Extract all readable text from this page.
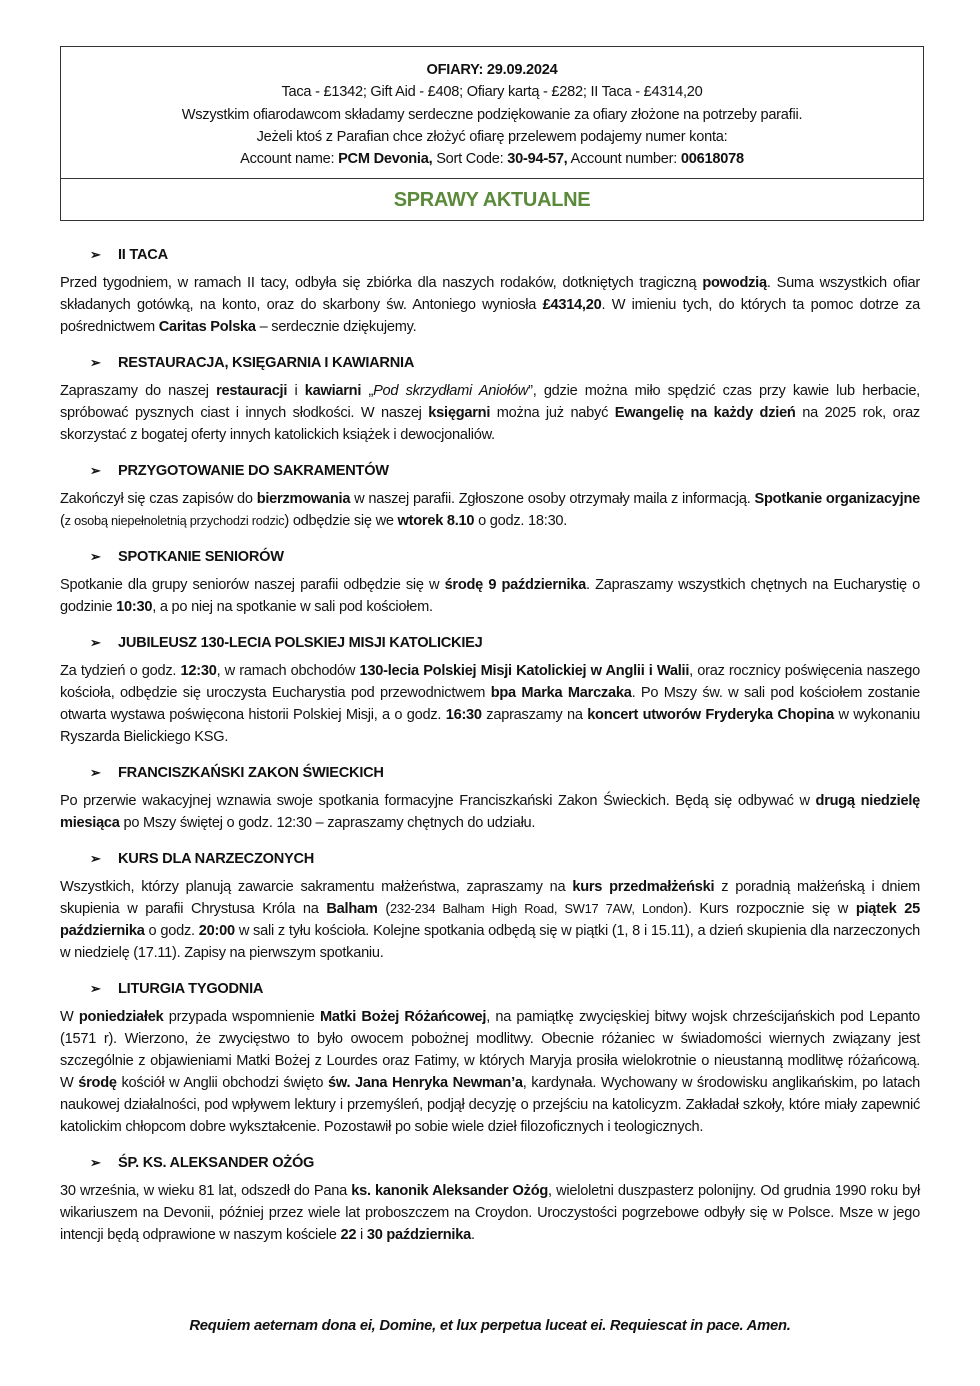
OFIARY: 29.09.2024
Taca - £1342; Gift Aid - £408; Ofiary kartą - £282; II Taca - £4314,20
Wszystkim ofiarodawcom składamy serdeczne podziękowanie za ofiary złożone na potrzeby parafii.
Jeżeli ktoś z Parafian chce złożyć ofiarę przelewem podajemy numer konta:
Account name: PCM Devonia, Sort Code: 30-94-57, Account number: 00618078
SPRAWY AKTUALNE
➢	II TACA
Przed tygodniem, w ramach II tacy, odbyła się zbiórka dla naszych rodaków, dotkniętych tragiczną powodzią. Suma wszystkich ofiar składanych gotówką, na konto, oraz do skarbony św. Antoniego wyniosła £4314,20. W imieniu tych, do których ta pomoc dotrze za pośrednictwem Caritas Polska – serdecznie dziękujemy.
➢	RESTAURACJA, KSIĘGARNIA I KAWIARNIA
Zapraszamy do naszej restauracji i kawiarni „Pod skrzydłami Aniołów”, gdzie można miło spędzić czas przy kawie lub herbacie, spróbować pysznych ciast i innych słodkości. W naszej księgarni można już nabyć Ewangelię na każdy dzień na 2025 rok, oraz skorzystać z bogatej oferty innych katolickich książek i dewocjonaliów.
➢	PRZYGOTOWANIE DO SAKRAMENTÓW
Zakończył się czas zapisów do bierzmowania w naszej parafii. Zgłoszone osoby otrzymały maila z informacją. Spotkanie organizacyjne (z osobą niepełnoletnią przychodzi rodzic) odbędzie się we wtorek 8.10 o godz. 18:30.
➢	SPOTKANIE SENIORÓW
Spotkanie dla grupy seniorów naszej parafii odbędzie się w środę 9 października. Zapraszamy wszystkich chętnych na Eucharystię o godzinie 10:30, a po niej na spotkanie w sali pod kościołem.
➢	JUBILEUSZ 130-LECIA POLSKIEJ MISJI KATOLICKIEJ
Za tydzień o godz. 12:30, w ramach obchodów 130-lecia Polskiej Misji Katolickiej w Anglii i Walii, oraz rocznicy poświęcenia naszego kościoła, odbędzie się uroczysta Eucharystia pod przewodnictwem bpa Marka Marczaka. Po Mszy św. w sali pod kościołem zostanie otwarta wystawa poświęcona historii Polskiej Misji, a o godz. 16:30 zapraszamy na koncert utworów Fryderyka Chopina w wykonaniu Ryszarda Bielickiego KSG.
➢	FRANCISZKAŃSKI ZAKON ŚWIECKICH
Po przerwie wakacyjnej wznawia swoje spotkania formacyjne Franciszkański Zakon Świeckich. Będą się odbywać w drugą niedzielę miesiąca po Mszy świętej o godz. 12:30 – zapraszamy chętnych do udziału.
➢	KURS DLA NARZECZONYCH
Wszystkich, którzy planują zawarcie sakramentu małżeństwa, zapraszamy na kurs przedmałżeński z poradnią małżeńską i dniem skupienia w parafii Chrystusa Króla na Balham (232-234 Balham High Road, SW17 7AW, London). Kurs rozpocznie się w piątek 25 października o godz. 20:00 w sali z tyłu kościoła. Kolejne spotkania odbędą się w piątki (1, 8 i 15.11), a dzień skupienia dla narzeczonych w niedzielę (17.11). Zapisy na pierwszym spotkaniu.
➢	LITURGIA TYGODNIA
W poniedziałek przypada wspomnienie Matki Bożej Różańcowej, na pamiątkę zwycięskiej bitwy wojsk chrześcijańskich pod Lepanto (1571 r). Wierzono, że zwycięstwo to było owocem pobożnej modlitwy. Obecnie różaniec w świadomości wiernych związany jest szczególnie z objawieniami Matki Bożej z Lourdes oraz Fatimy, w których Maryja prosiła wielokrotnie o nieustanną modlitwę różańcową. W środę kościół w Anglii obchodzi święto św. Jana Henryka Newman’a, kardynała. Wychowany w środowisku anglikańskim, po latach naukowej działalności, pod wpływem lektury i przemyśleń, podjął decyzję o przejściu na katolicyzm. Zakładał szkoły, które miały zapewnić katolickim chłopcom dobre wykształcenie. Pozostawił po sobie wiele dzieł filozoficznych i teologicznych.
➢	ŚP. KS. ALEKSANDER OŻÓG
30 września, w wieku 81 lat, odszedł do Pana ks. kanonik Aleksander Ożóg, wieloletni duszpasterz polonijny. Od grudnia 1990 roku był wikariuszem na Devonii, później przez wiele lat proboszczem na Croydon. Uroczystości pogrzebowe odbyły się w Polsce. Msze w jego intencji będą odprawione w naszym kościele 22 i 30 października.
Requiem aeternam dona ei, Domine, et lux perpetua luceat ei. Requiescat in pace. Amen.
